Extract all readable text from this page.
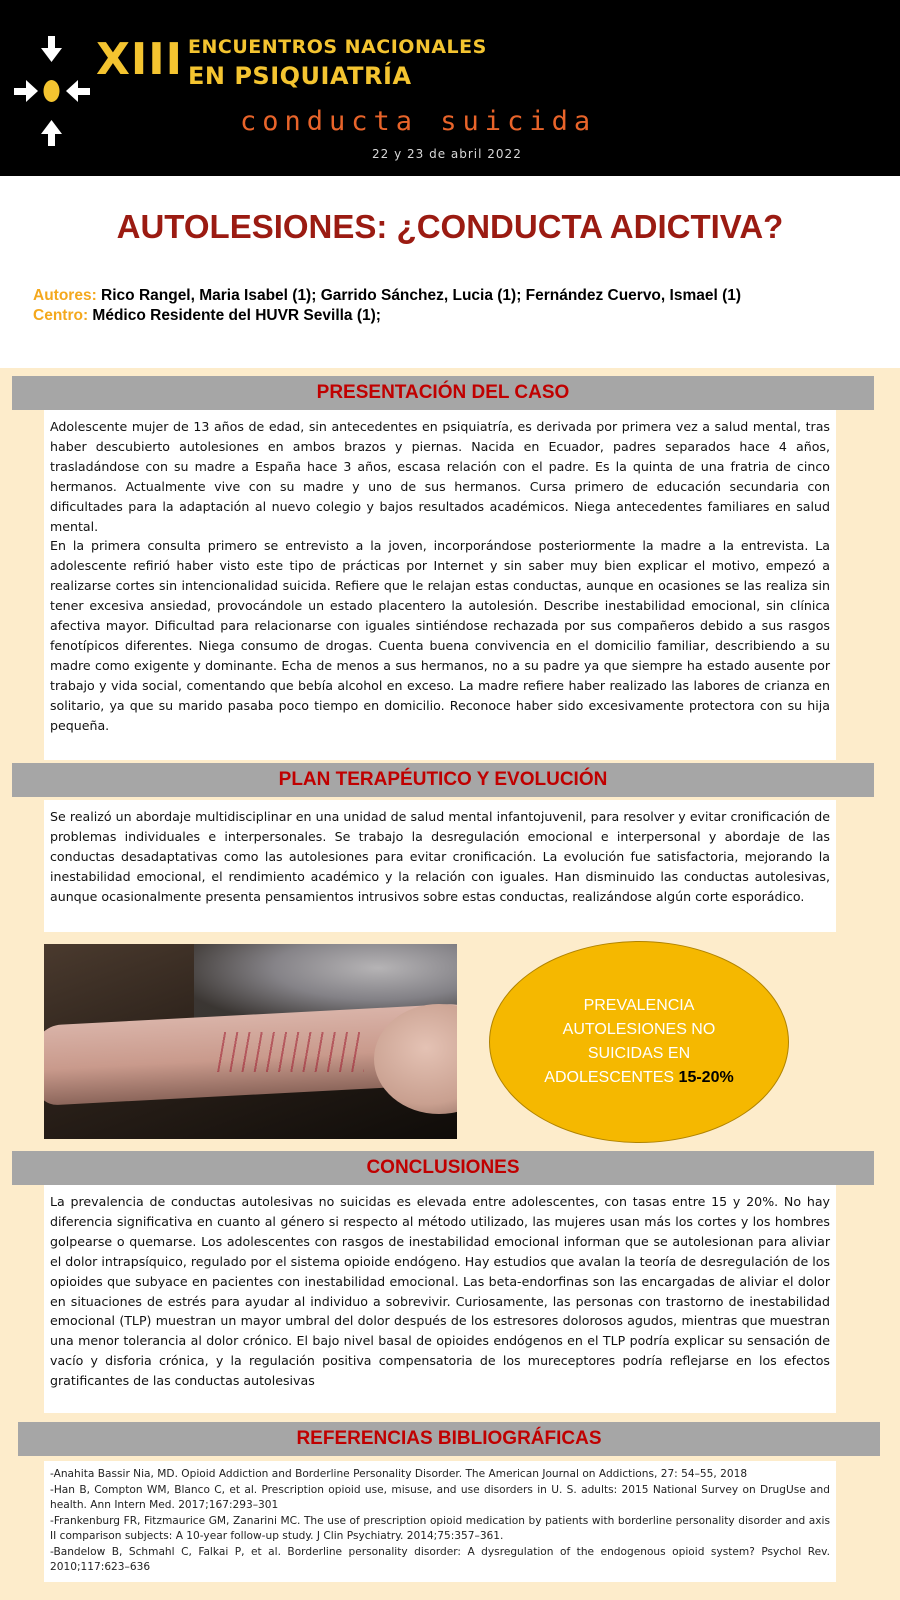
XIII ENCUENTROS NACIONALES
EN PSIQUIATRÍA
conducta suicida
22 y 23 de abril 2022
AUTOLESIONES: ¿CONDUCTA ADICTIVA?
Autores: Rico Rangel, Maria Isabel (1); Garrido Sánchez, Lucia (1); Fernández Cuervo, Ismael (1)
Centro: Médico Residente del HUVR Sevilla (1);
PRESENTACIÓN DEL CASO

Adolescente mujer de 13 años de edad, sin antecedentes en psiquiatría, es derivada por primera vez a salud mental, tras haber descubierto autolesiones en ambos brazos y piernas. Nacida en Ecuador, padres separados hace 4 años, trasladándose con su madre a España hace 3 años, escasa relación con el padre. Es la quinta de una fratria de cinco hermanos. Actualmente vive con su madre y uno de sus hermanos. Cursa primero de educación secundaria con dificultades para la adaptación al nuevo colegio y bajos resultados académicos. Niega antecedentes familiares en salud mental.

En la primera consulta primero se entrevisto a la joven, incorporándose posteriormente la madre a la entrevista. La adolescente refirió haber visto este tipo de prácticas por Internet y sin saber muy bien explicar el motivo, empezó a realizarse cortes sin intencionalidad suicida. Refiere que le relajan estas conductas, aunque en ocasiones se las realiza sin tener excesiva ansiedad, provocándole un estado placentero la autolesión. Describe inestabilidad emocional, sin clínica afectiva mayor. Dificultad para relacionarse con iguales sintiéndose rechazada por sus compañeros debido a sus rasgos fenotípicos diferentes. Niega consumo de drogas. Cuenta buena convivencia en el domicilio familiar, describiendo a su madre como exigente y dominante. Echa de menos a sus hermanos, no a su padre ya que siempre ha estado ausente por trabajo y vida social, comentando que bebía alcohol en exceso. La madre refiere haber realizado las labores de crianza en solitario, ya que su marido pasaba poco tiempo en domicilio. Reconoce haber sido excesivamente protectora con su hija pequeña.

PLAN TERAPÉUTICO Y EVOLUCIÓN

Se realizó un abordaje multidisciplinar en una unidad de salud mental infantojuvenil, para resolver y evitar cronificación de problemas individuales e interpersonales. Se trabajo la desregulación emocional e interpersonal y abordaje de las conductas desadaptativas como las autolesiones para evitar cronificación. La evolución fue satisfactoria, mejorando la inestabilidad emocional, el rendimiento académico y la relación con iguales. Han disminuido las conductas autolesivas, aunque ocasionalmente presenta pensamientos intrusivos sobre estas conductas, realizándose algún corte esporádico.

PREVALENCIA AUTOLESIONES NO SUICIDAS EN ADOLESCENTES 15-20%
CONCLUSIONES

La prevalencia de conductas autolesivas no suicidas es elevada entre adolescentes, con tasas entre 15 y 20%. No hay diferencia significativa en cuanto al género si respecto al método utilizado, las mujeres usan más los cortes y los hombres golpearse o quemarse. Los adolescentes con rasgos de inestabilidad emocional informan que se autolesionan para aliviar el dolor intrapsíquico, regulado por el sistema opioide endógeno. Hay estudios que avalan la teoría de desregulación de los opioides que subyace en pacientes con inestabilidad emocional. Las beta-endorfinas son las encargadas de aliviar el dolor en situaciones de estrés para ayudar al individuo a sobrevivir. Curiosamente, las personas con trastorno de inestabilidad emocional (TLP) muestran un mayor umbral del dolor después de los estresores dolorosos agudos, mientras que muestran una menor tolerancia al dolor crónico. El bajo nivel basal de opioides endógenos en el TLP podría explicar su sensación de vacío y disforia crónica, y la regulación positiva compensatoria de los mureceptores podría reflejarse en los efectos gratificantes de las conductas autolesivas

REFERENCIAS BIBLIOGRÁFICAS

-Anahita Bassir Nia, MD. Opioid Addiction and Borderline Personality Disorder. The American Journal on Addictions, 27: 54–55, 2018

-Han B, Compton WM, Blanco C, et al. Prescription opioid use, misuse, and use disorders in U. S. adults: 2015 National Survey on DrugUse and health. Ann Intern Med. 2017;167:293–301

-Frankenburg FR, Fitzmaurice GM, Zanarini MC. The use of prescription opioid medication by patients with borderline personality disorder and axis II comparison subjects: A 10-year follow-up study. J Clin Psychiatry. 2014;75:357–361.

-Bandelow B, Schmahl C, Falkai P, et al. Borderline personality disorder: A dysregulation of the endogenous opioid system? Psychol Rev. 2010;117:623–636
